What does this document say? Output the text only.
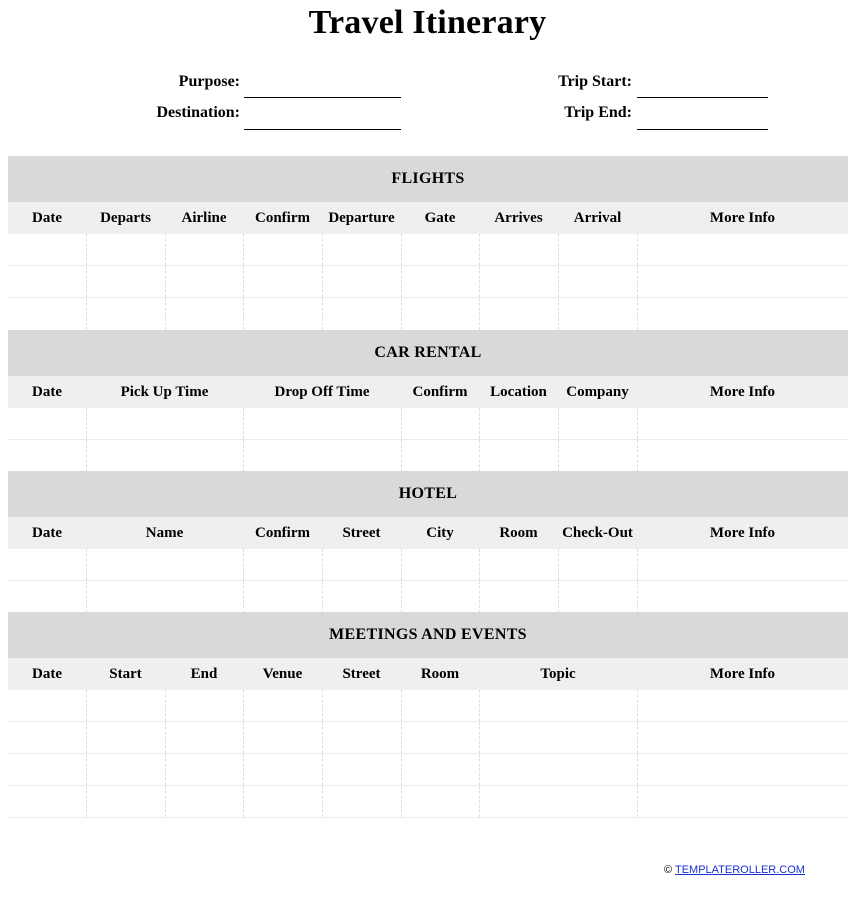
Travel Itinerary
Purpose:
Destination:
Trip Start:
Trip End:
FLIGHTS
Date	Departs	Airline	Confirm	Departure	Gate	Arrives	Arrival	More Info
CAR RENTAL
Date	Pick Up Time	Drop Off Time	Confirm	Location	Company	More Info
HOTEL
Date	Name	Confirm	Street	City	Room	Check-Out	More Info
MEETINGS AND EVENTS
Date	Start	End	Venue	Street	Room	Topic	More Info
© TEMPLATEROLLER.COM
